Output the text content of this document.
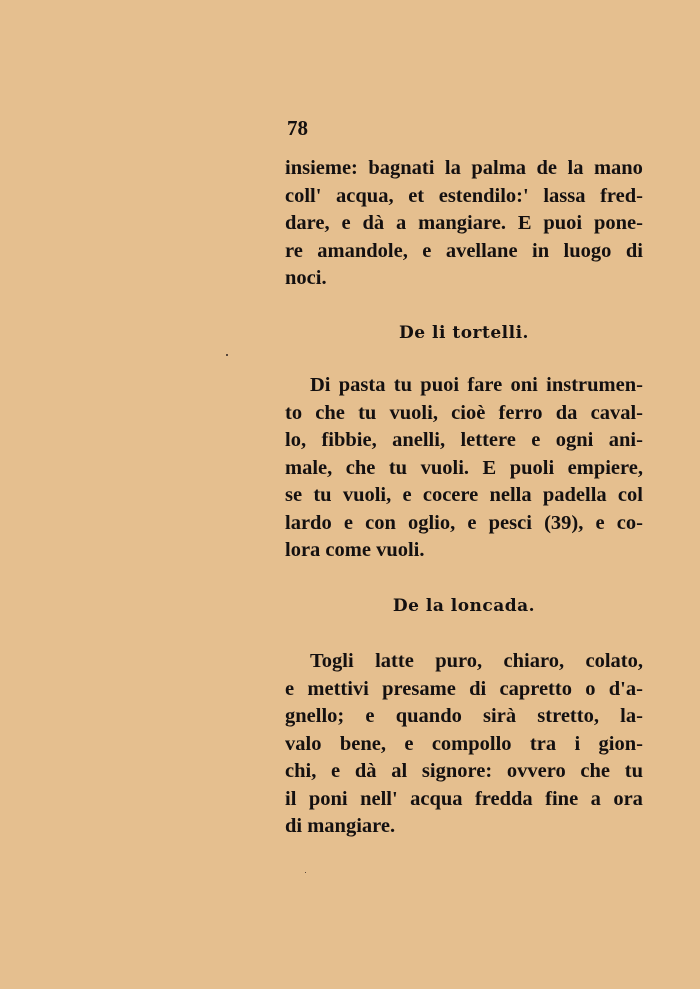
78
insieme: bagnati la palma de la mano
coll' acqua, et estendilo:' lassa fred-
dare, e dà a mangiare. E puoi pone-
re amandole, e avellane in luogo di
noci.
De li tortelli.
Di pasta tu puoi fare oni instrumen-
to che tu vuoli, cioè ferro da caval-
lo, fibbie, anelli, lettere e ogni ani-
male, che tu vuoli. E puoli empiere,
se tu vuoli, e cocere nella padella col
lardo e con oglio, e pesci (39), e co-
lora come vuoli.
De la loncada.
Togli latte puro, chiaro, colato,
e mettivi presame di capretto o d'a-
gnello; e quando sirà stretto, la-
valo bene, e compollo tra i gion-
chi, e dà al signore: ovvero che tu
il poni nell' acqua fredda fine a ora
di mangiare.
